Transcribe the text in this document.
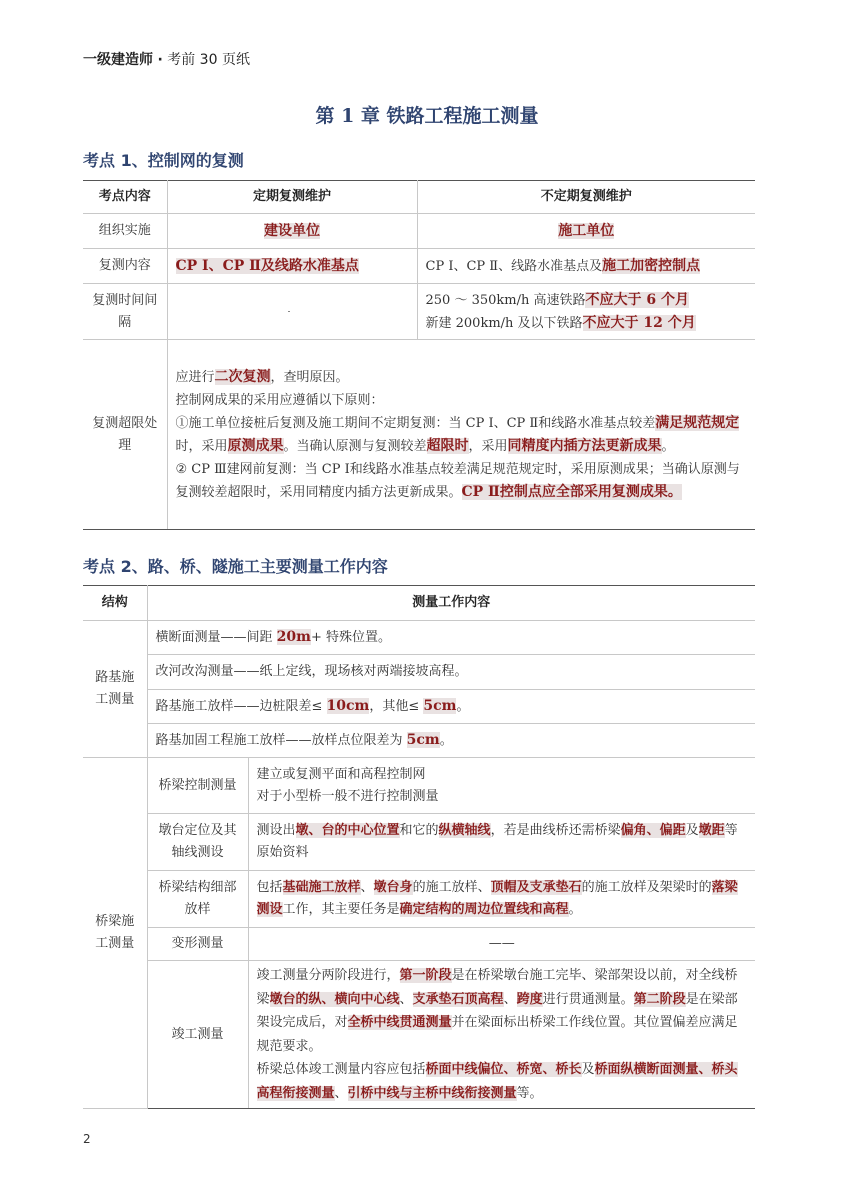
一级建造师 · 考前 30 页纸
第 1 章 铁路工程施工测量
考点 1、控制网的复测
考点内容	定期复测维护	不定期复测维护
组织实施	建设单位	施工单位
复测内容	CP Ⅰ、CP Ⅱ及线路水准基点	CP Ⅰ、CP Ⅱ、线路水准基点及施工加密控制点
复测时间间隔		250 ～ 350km/h 高速铁路不应大于 6 个月
新建 200km/h 及以下铁路不应大于 12 个月

复测超限处理	应进行二次复测，查明原因。
控制网成果的采用应遵循以下原则：
①施工单位接桩后复测及施工期间不定期复测：当 CP Ⅰ、CP Ⅱ和线路水准基点较差满足规范规定时，采用原测成果。当确认原测与复测较差超限时，采用同精度内插方法更新成果。
② CP Ⅲ建网前复测：当 CP Ⅰ和线路水准基点较差满足规范规定时，采用原测成果；当确认原测与复测较差超限时，采用同精度内插方法更新成果。CP Ⅱ控制点应全部采用复测成果。	
考点 2、路、桥、隧施工主要测量工作内容
结构	测量工作内容	
路基施工测量	横断面测量——间距 20m+ 特殊位置。	
	改河改沟测量——纸上定线，现场核对两端接坡高程。	
	路基施工放样——边桩限差≤ 10cm，其他≤ 5cm。	
	路基加固工程施工放样——放样点位限差为 5cm。	
桥梁施工测量	桥梁控制测量	建立或复测平面和高程控制网
对于小型桥一般不进行控制测量

	墩台定位及其轴线测设	测设出墩、台的中心位置和它的纵横轴线，若是曲线桥还需桥梁偏角、偏距及墩距等原始资料
	桥梁结构细部放样	包括基础施工放样、墩台身的施工放样、顶帽及支承垫石的施工放样及架梁时的落梁测设工作，其主要任务是确定结构的周边位置线和高程。
	变形测量	——
	竣工测量	竣工测量分两阶段进行，第一阶段是在桥梁墩台施工完毕、梁部架设以前，对全线桥梁墩台的纵、横向中心线、支承垫石顶高程、跨度进行贯通测量。第二阶段是在梁部架设完成后，对全桥中线贯通测量并在梁面标出桥梁工作线位置。其位置偏差应满足规范要求。
桥梁总体竣工测量内容应包括桥面中线偏位、桥宽、桥长及桥面纵横断面测量、桥头高程衔接测量、引桥中线与主桥中线衔接测量等。
2
